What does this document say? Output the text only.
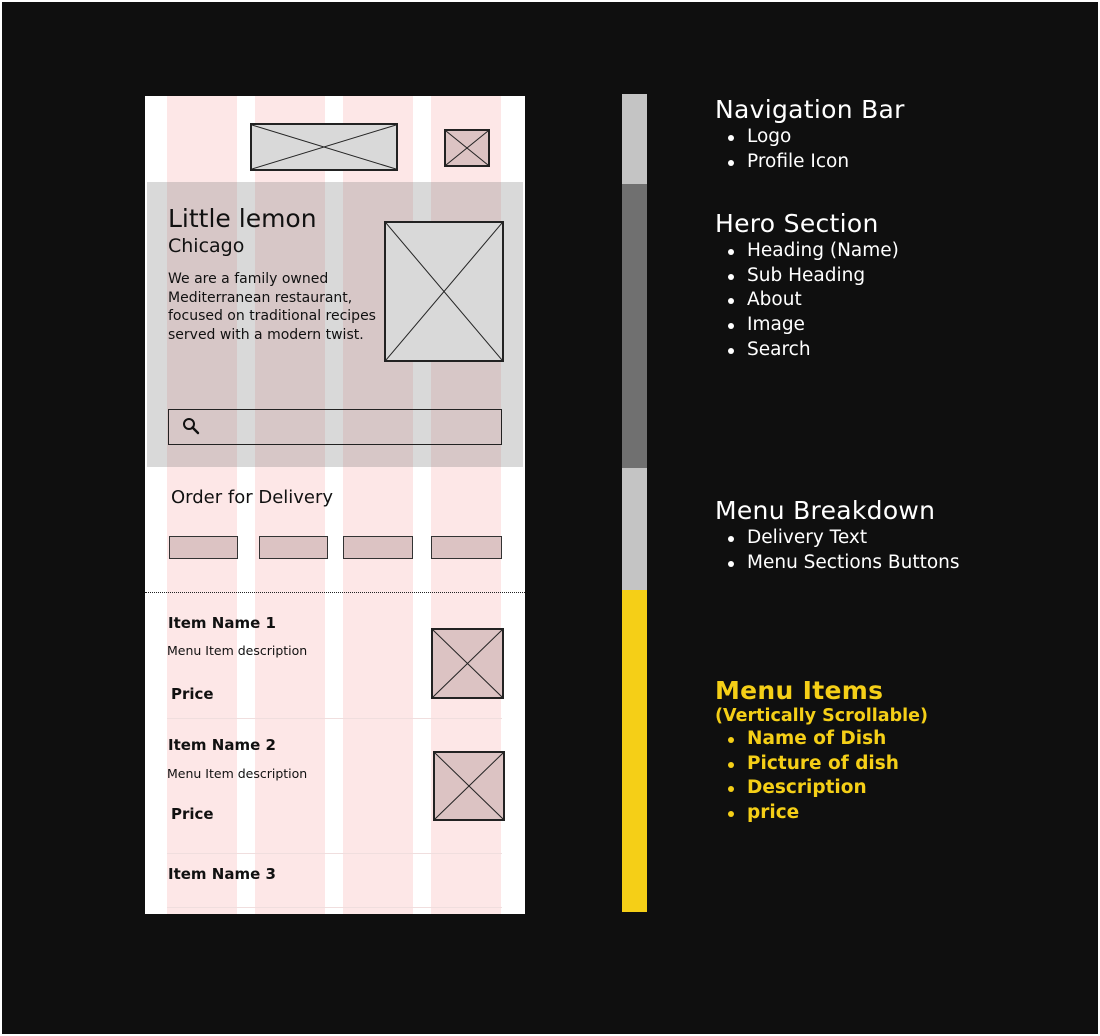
Little lemon
Chicago
We are a family owned Mediterranean restaurant, focused on traditional recipes served with a modern twist.
Order for Delivery
Item Name 1
Menu Item description
Price
Item Name 2
Menu Item description
Price
Item Name 3
Navigation Bar
Logo
Profile Icon
Hero Section
Heading (Name)
Sub Heading
About
Image
Search
Menu Breakdown
Delivery Text
Menu Sections Buttons
Menu Items
(Vertically Scrollable)
Name of Dish
Picture of dish
Description
price
